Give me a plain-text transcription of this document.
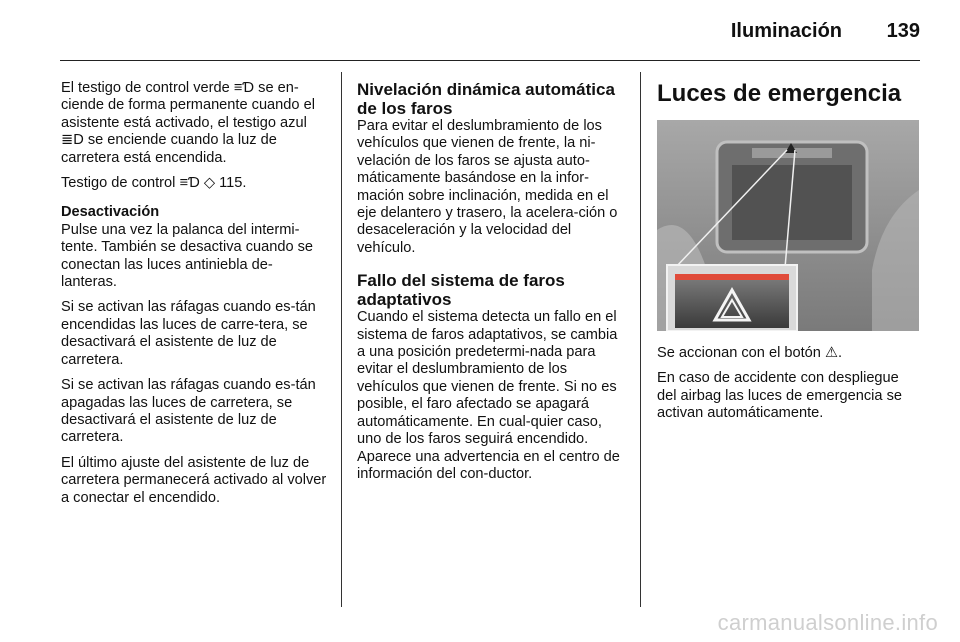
Iluminación 139

El testigo de control verde ≡Ɗ se en-ciende de forma permanente cuando el asistente está activado, el testigo azul ≣D se enciende cuando la luz de carretera está encendida.

Testigo de control ≡Ɗ ◇ 115.

Desactivación

Pulse una vez la palanca del intermi-tente. También se desactiva cuando se conectan las luces antiniebla de-lanteras.

Si se activan las ráfagas cuando es-tán encendidas las luces de carre-tera, se desactivará el asistente de luz de carretera.

Si se activan las ráfagas cuando es-tán apagadas las luces de carretera, se desactivará el asistente de luz de carretera.

El último ajuste del asistente de luz de carretera permanecerá activado al volver a conectar el encendido.

Nivelación dinámica automática de los faros

Para evitar el deslumbramiento de los vehículos que vienen de frente, la ni-velación de los faros se ajusta auto-máticamente basándose en la infor-mación sobre inclinación, medida en el eje delantero y trasero, la acelera-ción o desaceleración y la velocidad del vehículo.

Fallo del sistema de faros adaptativos

Cuando el sistema detecta un fallo en el sistema de faros adaptativos, se cambia a una posición predetermi-nada para evitar el deslumbramiento de los vehículos que vienen de frente. Si no es posible, el faro afectado se apagará automáticamente. En cual-quier caso, uno de los faros seguirá encendido. Aparece una advertencia en el centro de información del con-ductor.

Luces de emergencia

Se accionan con el botón ⚠.

En caso de accidente con despliegue del airbag las luces de emergencia se activan automáticamente.

carmanualsonline.info
